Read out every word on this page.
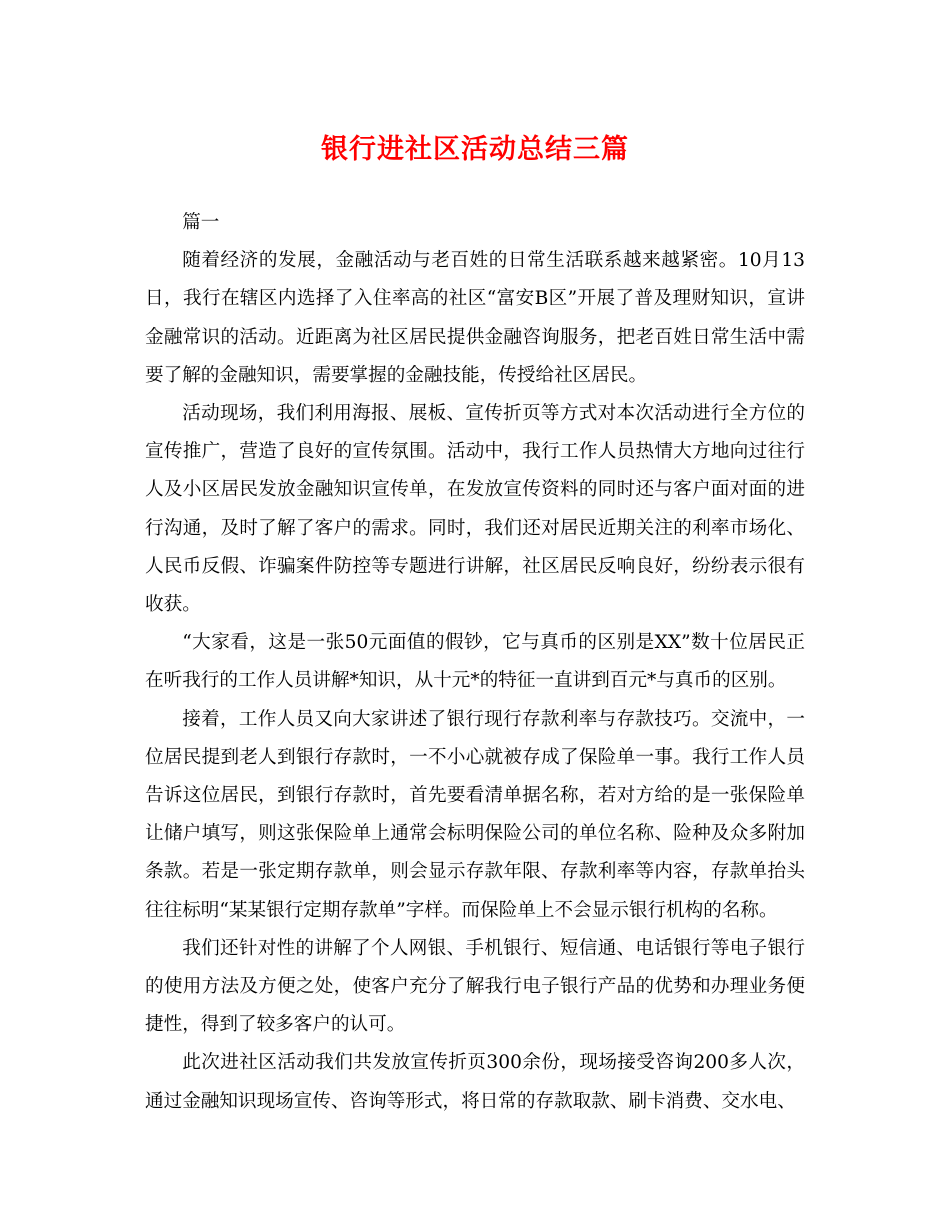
银行进社区活动总结三篇

篇一

随着经济的发展，金融活动与老百姓的日常生活联系越来越紧密。10月13日，我行在辖区内选择了入住率高的社区“富安B区”开展了普及理财知识，宣讲金融常识的活动。近距离为社区居民提供金融咨询服务，把老百姓日常生活中需要了解的金融知识，需要掌握的金融技能，传授给社区居民。

活动现场，我们利用海报、展板、宣传折页等方式对本次活动进行全方位的宣传推广，营造了良好的宣传氛围。活动中，我行工作人员热情大方地向过往行人及小区居民发放金融知识宣传单，在发放宣传资料的同时还与客户面对面的进行沟通，及时了解了客户的需求。同时，我们还对居民近期关注的利率市场化、人民币反假、诈骗案件防控等专题进行讲解，社区居民反响良好，纷纷表示很有收获。

“大家看，这是一张50元面值的假钞，它与真币的区别是XX”数十位居民正在听我行的工作人员讲解*知识，从十元*的特征一直讲到百元*与真币的区别。

接着，工作人员又向大家讲述了银行现行存款利率与存款技巧。交流中，一位居民提到老人到银行存款时，一不小心就被存成了保险单一事。我行工作人员告诉这位居民，到银行存款时，首先要看清单据名称，若对方给的是一张保险单让储户填写，则这张保险单上通常会标明保险公司的单位名称、险种及众多附加条款。若是一张定期存款单，则会显示存款年限、存款利率等内容，存款单抬头往往标明“某某银行定期存款单”字样。而保险单上不会显示银行机构的名称。

我们还针对性的讲解了个人网银、手机银行、短信通、电话银行等电子银行的使用方法及方便之处，使客户充分了解我行电子银行产品的优势和办理业务便捷性，得到了较多客户的认可。

此次进社区活动我们共发放宣传折页300余份，现场接受咨询200多人次，通过金融知识现场宣传、咨询等形式，将日常的存款取款、刷卡消费、交水电、
